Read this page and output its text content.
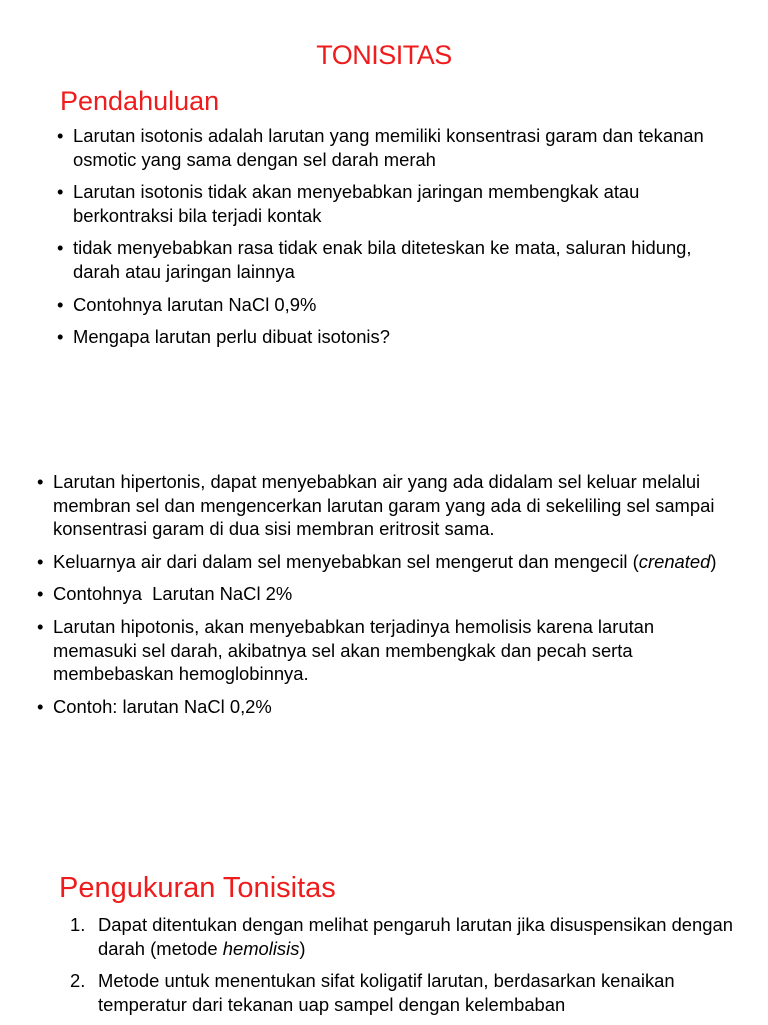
TONISITAS
Pendahuluan
• Larutan isotonis adalah larutan yang memiliki konsentrasi garam dan tekanan osmotic yang sama dengan sel darah merah
• Larutan isotonis tidak akan menyebabkan jaringan membengkak atau berkontraksi bila terjadi kontak
• tidak menyebabkan rasa tidak enak bila diteteskan ke mata, saluran hidung, darah atau jaringan lainnya
• Contohnya larutan NaCl 0,9%
• Mengapa larutan perlu dibuat isotonis?
• Larutan hipertonis, dapat menyebabkan air yang ada didalam sel keluar melalui membran sel dan mengencerkan larutan garam yang ada di sekeliling sel sampai konsentrasi garam di dua sisi membran eritrosit sama.
• Keluarnya air dari dalam sel menyebabkan sel mengerut dan mengecil (crenated)
• Contohnya  Larutan NaCl 2%
• Larutan hipotonis, akan menyebabkan terjadinya hemolisis karena larutan memasuki sel darah, akibatnya sel akan membengkak dan pecah serta membebaskan hemoglobinnya.
• Contoh: larutan NaCl 0,2%
Pengukuran Tonisitas
1. Dapat ditentukan dengan melihat pengaruh larutan jika disuspensikan dengan darah (metode hemolisis)
2. Metode untuk menentukan sifat koligatif larutan, berdasarkan kenaikan temperatur dari tekanan uap sampel dengan kelembaban
